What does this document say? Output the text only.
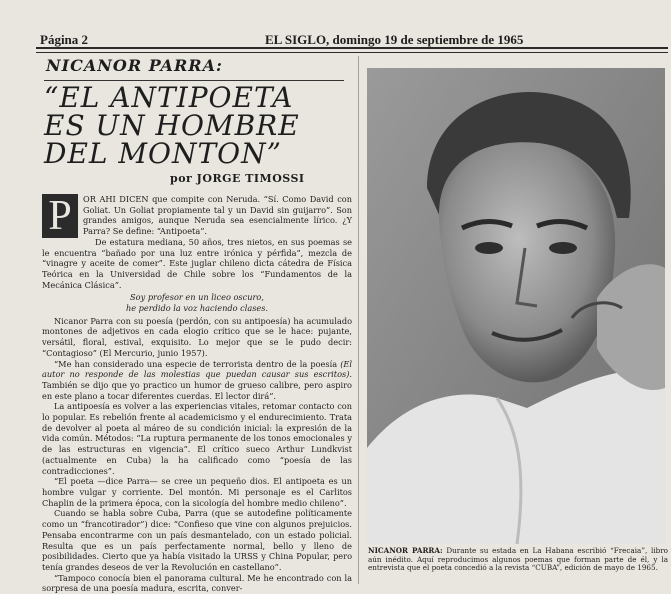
Página 2	EL SIGLO, domingo 19 de septiembre de 1965
NICANOR PARRA:
“EL ANTIPOETA
ES UN HOMBRE
DEL MONTON”
por JORGE TIMOSSI

P	OR AHI DICEN que compite con Neruda. “Sí. Como David con Goliat. Un Goliat propiamente tal y un David sin guijarro”. Son grandes amigos, aunque Neruda sea esencialmente lírico. ¿Y Parra? Se define: “Antipoeta”.

De estatura mediana, 50 años, tres nietos, en sus poemas se le encuentra “bañado por una luz entre irónica y pérfida”, mezcla de “vinagre y aceite de comer”. Este juglar chileno dicta cátedra de Física Teórica en la Universidad de Chile sobre los “Fundamentos de la Mecánica Clásica”.

Soy profesor en un liceo oscuro,
he perdido la voz haciendo clases.

Nicanor Parra con su poesía (perdón, con su antipoesía) ha acumulado montones de adjetivos en cada elogio crítico que se le hace: pujante, versátil, floral, estival, exquisito. Lo mejor que se le pudo decir: “Contagioso” (El Mercurio, junio 1957).

“Me han considerado una especie de terrorista dentro de la poesía (El autor no responde de las molestias que puedan causar sus escritos). También se dijo que yo practico un humor de grueso calibre, pero aspiro en este plano a tocar diferentes cuerdas. El lector dirá”.

La antipoesía es volver a las experiencias vitales, retomar contacto con lo popular. Es rebelión frente al academicismo y el endurecimiento. Trata de devolver al poeta al máreo de su condición inicial: la expresión de la vida común. Métodos: “La ruptura permanente de los tonos emocionales y de las estructuras en vigencia”. El crítico sueco Arthur Lundkvist (actualmente en Cuba) la ha calificado como “poesía de las contradicciones”.

“El poeta —dice Parra— se cree un pequeño dios. El antipoeta es un hombre vulgar y corriente. Del montón. Mi personaje es el Carlitos Chaplin de la primera época, con la sicología del hombre medio chileno”.

Cuando se habla sobre Cuba, Parra (que se autodefine políticamente como un “francotirador”) dice: “Confieso que vine con algunos prejuicios. Pensaba encontrarme con un país desmantelado, con un estado policial. Resulta que es un país perfectamente normal, bello y lleno de posibilidades. Cierto que ya había visitado la URSS y China Popular, pero tenía grandes deseos de ver la Revolución en castellano”.

“Tampoco conocía bien el panorama cultural. Me he encontrado con la sorpresa de una poesía madura, escrita, conver-

NICANOR PARRA: Durante su estada en La Habana escribió “Frecaia”, libro aún inédito. Aquí reproducimos algunos poemas que forman parte de él, y la entrevista que el poeta concedió a la revista “CUBA”, edición de mayo de 1965.
